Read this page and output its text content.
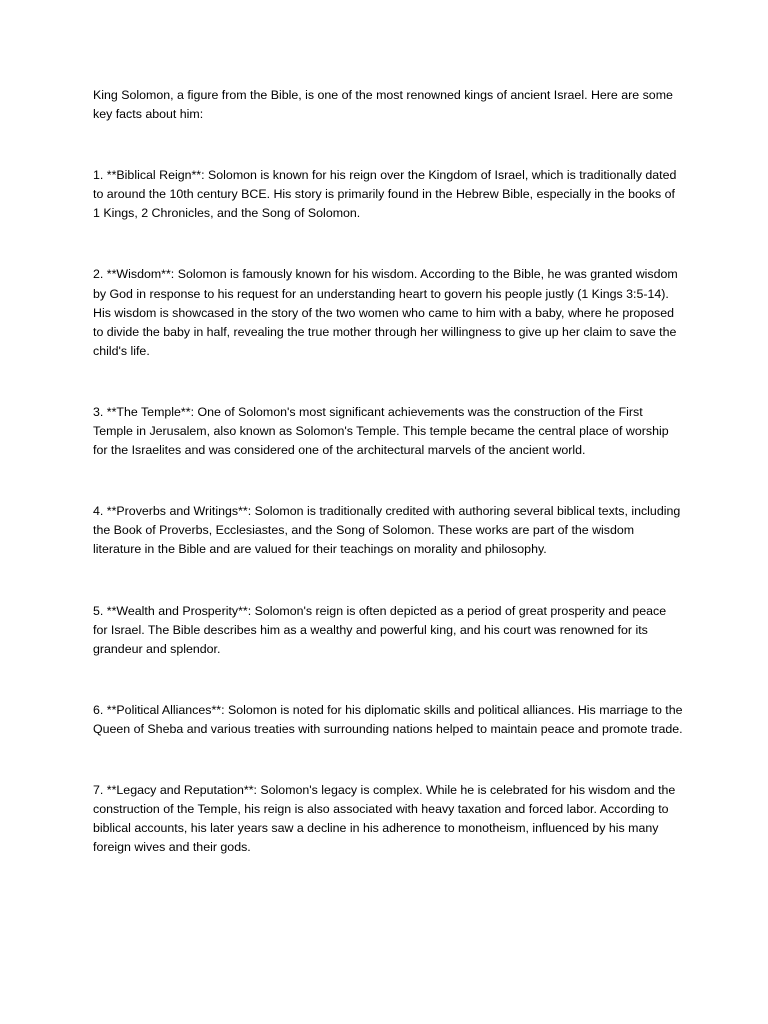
King Solomon, a figure from the Bible, is one of the most renowned kings of ancient Israel. Here are some key facts about him:

1. **Biblical Reign**: Solomon is known for his reign over the Kingdom of Israel, which is traditionally dated to around the 10th century BCE. His story is primarily found in the Hebrew Bible, especially in the books of 1 Kings, 2 Chronicles, and the Song of Solomon.

2. **Wisdom**: Solomon is famously known for his wisdom. According to the Bible, he was granted wisdom by God in response to his request for an understanding heart to govern his people justly (1 Kings 3:5-14). His wisdom is showcased in the story of the two women who came to him with a baby, where he proposed to divide the baby in half, revealing the true mother through her willingness to give up her claim to save the child's life.

3. **The Temple**: One of Solomon's most significant achievements was the construction of the First Temple in Jerusalem, also known as Solomon's Temple. This temple became the central place of worship for the Israelites and was considered one of the architectural marvels of the ancient world.

4. **Proverbs and Writings**: Solomon is traditionally credited with authoring several biblical texts, including the Book of Proverbs, Ecclesiastes, and the Song of Solomon. These works are part of the wisdom literature in the Bible and are valued for their teachings on morality and philosophy.

5. **Wealth and Prosperity**: Solomon's reign is often depicted as a period of great prosperity and peace for Israel. The Bible describes him as a wealthy and powerful king, and his court was renowned for its grandeur and splendor.

6. **Political Alliances**: Solomon is noted for his diplomatic skills and political alliances. His marriage to the Queen of Sheba and various treaties with surrounding nations helped to maintain peace and promote trade.

7. **Legacy and Reputation**: Solomon's legacy is complex. While he is celebrated for his wisdom and the construction of the Temple, his reign is also associated with heavy taxation and forced labor. According to biblical accounts, his later years saw a decline in his adherence to monotheism, influenced by his many foreign wives and their gods.
